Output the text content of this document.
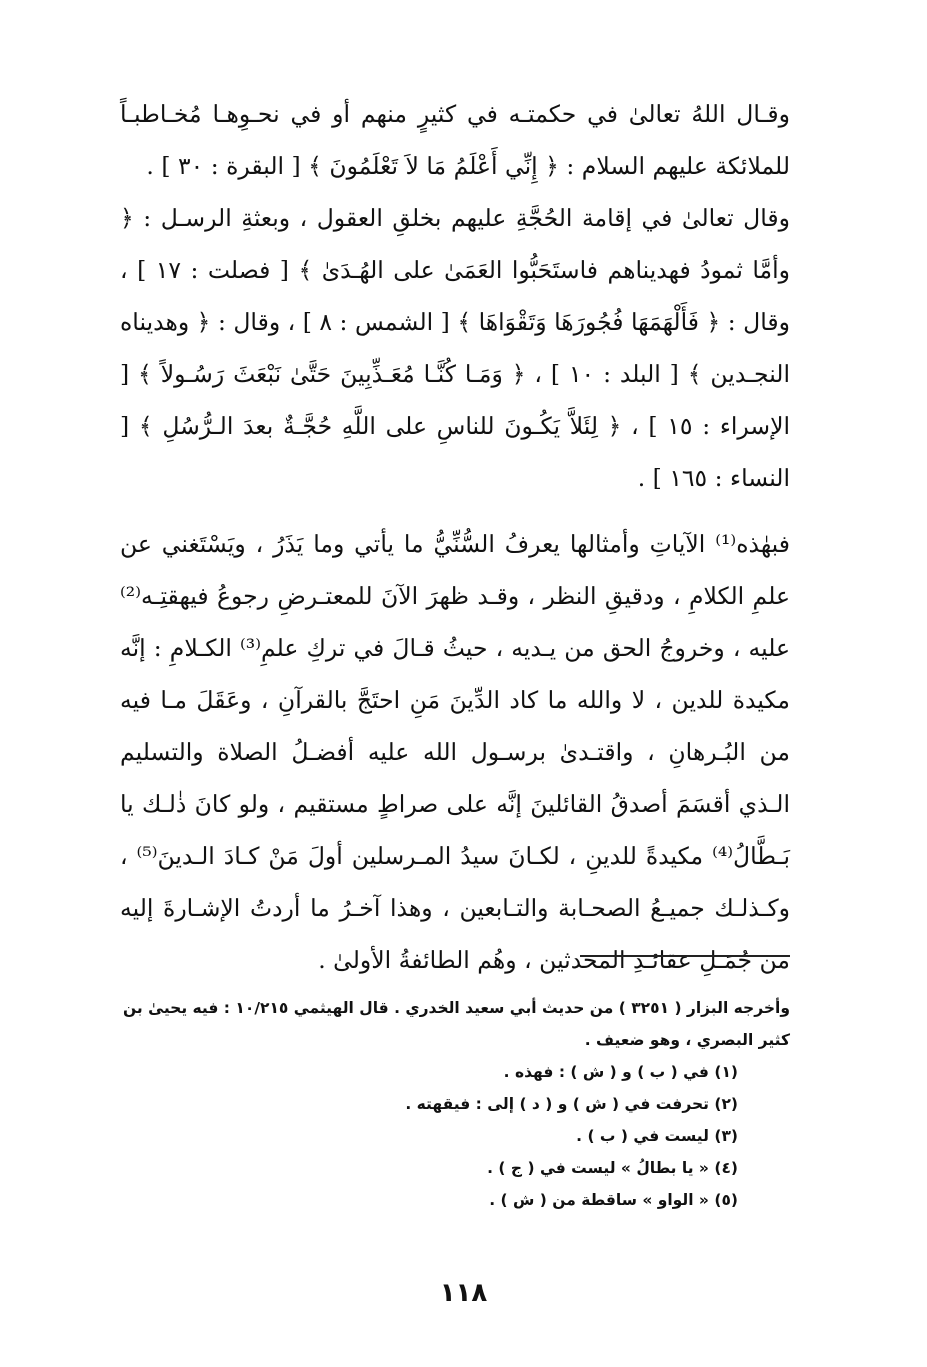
وقـال اللهُ تعالىٰ في حكمتـه في كثيرٍ منهم أو في نحـوِهـا مُخـاطبـاً للملائكة عليهم السلام : ﴿ إِنِّي أَعْلَمُ مَا لاَ تَعْلَمُونَ ﴾ [ البقرة : ٣٠ ] .

وقال تعالىٰ في إقامة الحُجَّةِ عليهم بخلقِ العقول ، وبعثةِ الرسـل : ﴿ وأمَّا ثمودُ فهديناهم فاستَحَبُّوا العَمَىٰ على الهُـدَىٰ ﴾ [ فصلت : ١٧ ] ، وقال : ﴿ فَأَلْهَمَهَا فُجُورَهَا وَتَقْوَاهَا ﴾ [ الشمس : ٨ ] ، وقال : ﴿ وهديناه النجـدين ﴾ [ البلد : ١٠ ] ، ﴿ وَمَـا كُنَّـا مُعَـذِّبِينَ حَتَّىٰ نَبْعَثَ رَسُـولاً ﴾ [ الإسراء : ١٥ ] ، ﴿ لِئَلاَّ يَكُـونَ للناسِ على اللَّهِ حُجَّـةٌ بعدَ الـرُّسُلِ ﴾ [ النساء : ١٦٥ ] .

فبهٰذه⁽¹⁾ الآياتِ وأمثالها يعرفُ السُّنِّيُّ ما يأتي وما يَذَرُ ، ويَسْتَغني عن علمِ الكلامِ ، ودقيقِ النظر ، وقـد ظهرَ الآنَ للمعتـرضِ رجوعُ فيهقتِـه⁽²⁾ عليه ، وخروجُ الحق من يـديه ، حيثُ قـالَ في تركِ علمِ⁽³⁾ الكـلامِ : إنَّه مكيدة للدين ، لا والله ما كاد الدِّينَ مَنِ احتَجَّ بالقرآنِ ، وعَقَلَ مـا فيه من البُـرهانِ ، واقتـدىٰ برسـول الله عليه أفضـلُ الصلاة والتسليم الـذي أقسَمَ أصدقُ القائلينَ إنَّه على صراطٍ مستقيم ، ولو كانَ ذٰلـك يا بَـطَّالُ⁽⁴⁾ مكيدةً للدينِ ، لكـانَ سيدُ المـرسلين أولَ مَنْ كـادَ الـدينَ⁽⁵⁾ ، وكـذلـك جميـعُ الصحـابة والتـابعين ، وهذا آخـرُ ما أردتُ الإشـارةَ إليه من جُمَـلِ عقائـدِ المحدثين ، وهُم الطائفةُ الأولىٰ .

وأخرجه البزار ( ٣٢٥١ ) من حديث أبي سعيد الخدري . قال الهيثمي ١٠/٢١٥ : فيه يحيىٰ بن كثير البصري ، وهو ضعيف .

(١) في ( ب ) و ( ش ) : فهذه .

(٢) تحرفت في ( ش ) و ( د ) إلى : فيقهته .

(٣) ليست في ( ب ) .

(٤) « يا بطالُ » ليست في ( ج ) .

(٥) « الواو » ساقطة من ( ش ) .

١١٨
